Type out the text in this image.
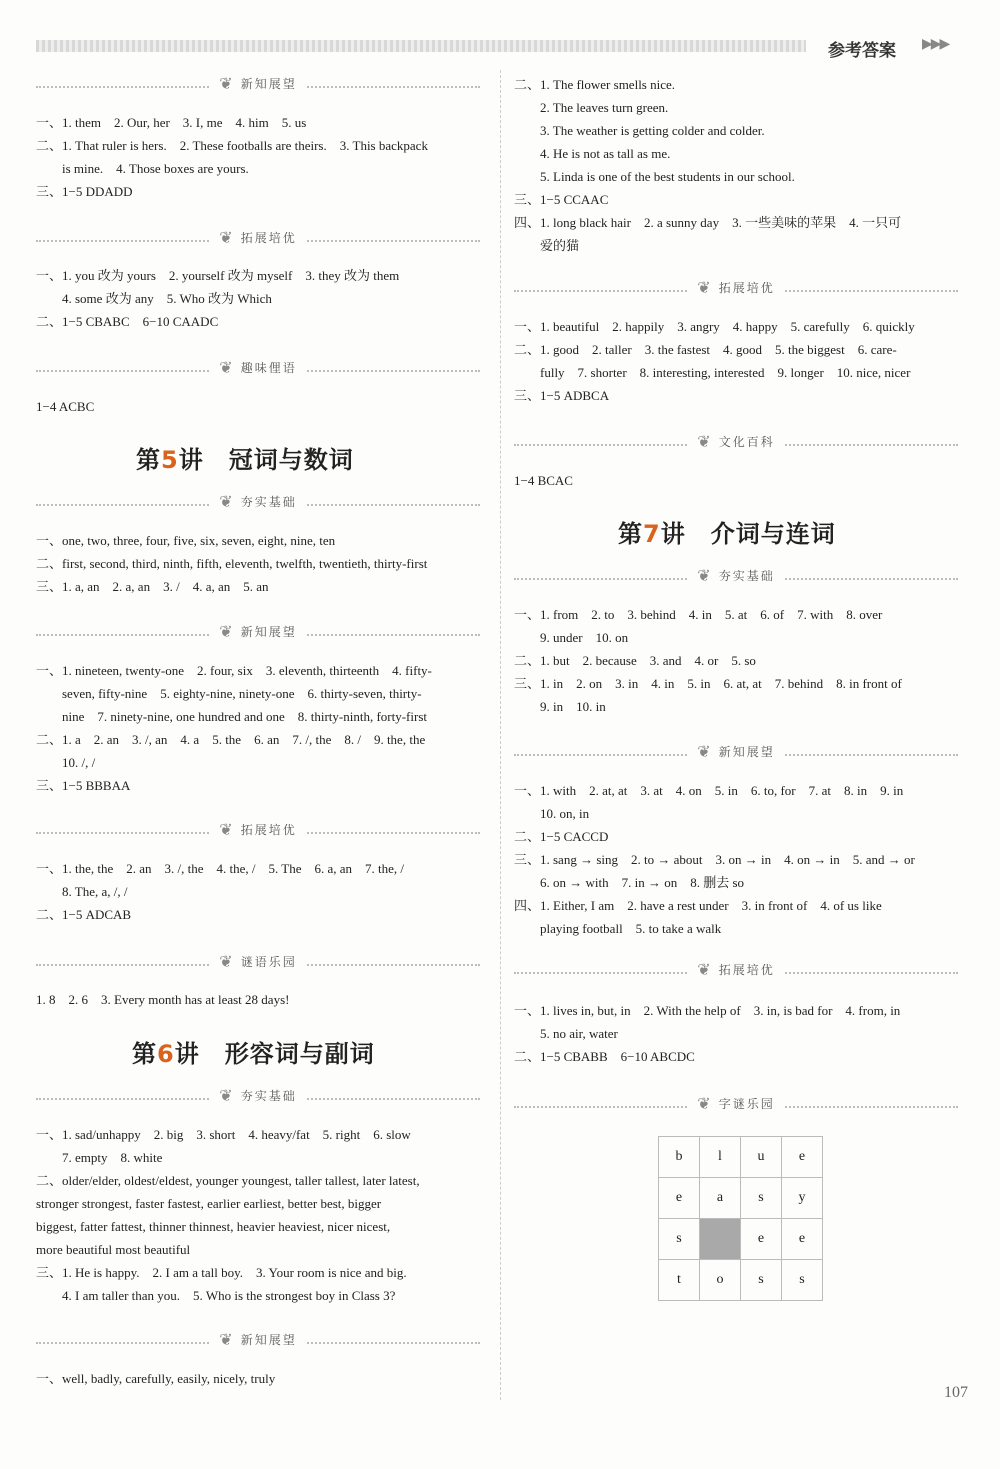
参考答案 ▶▶▶
❦ 新知展望
一、1. them　2. Our, her　3. I, me　4. him　5. us
二、1. That ruler is hers.　2. These footballs are theirs.　3. This backpack
is mine.　4. Those boxes are yours.
三、1−5 DDADD
❦ 拓展培优
一、1. you 改为 yours　2. yourself 改为 myself　3. they 改为 them
4. some 改为 any　5. Who 改为 Which
二、1−5 CBABC　6−10 CAADC
❦ 趣味俚语
1−4 ACBC
第5讲　冠词与数词
❦ 夯实基础
一、one, two, three, four, five, six, seven, eight, nine, ten
二、first, second, third, ninth, fifth, eleventh, twelfth, twentieth, thirty-first
三、1. a, an　2. a, an　3. /　4. a, an　5. an
❦ 新知展望
一、1. nineteen, twenty-one　2. four, six　3. eleventh, thirteenth　4. fifty-
seven, fifty-nine　5. eighty-nine, ninety-one　6. thirty-seven, thirty-
nine　7. ninety-nine, one hundred and one　8. thirty-ninth, forty-first
二、1. a　2. an　3. /, an　4. a　5. the　6. an　7. /, the　8. /　9. the, the
10. /, /
三、1−5 BBBAA
❦ 拓展培优
一、1. the, the　2. an　3. /, the　4. the, /　5. The　6. a, an　7. the, /
8. The, a, /, /
二、1−5 ADCAB
❦ 谜语乐园
1. 8　2. 6　3. Every month has at least 28 days!
第6讲　形容词与副词
❦ 夯实基础
一、1. sad/unhappy　2. big　3. short　4. heavy/fat　5. right　6. slow
7. empty　8. white
二、older/elder, oldest/eldest, younger youngest, taller tallest, later latest,
stronger strongest, faster fastest, earlier earliest, better best, bigger
biggest, fatter fattest, thinner thinnest, heavier heaviest, nicer nicest,
more beautiful most beautiful
三、1. He is happy.　2. I am a tall boy.　3. Your room is nice and big.
4. I am taller than you.　5. Who is the strongest boy in Class 3?
❦ 新知展望
一、well, badly, carefully, easily, nicely, truly
二、1. The flower smells nice.
2. The leaves turn green.
3. The weather is getting colder and colder.
4. He is not as tall as me.
5. Linda is one of the best students in our school.
三、1−5 CCAAC
四、1. long black hair　2. a sunny day　3. 一些美味的苹果　4. 一只可
爱的猫
❦ 拓展培优
一、1. beautiful　2. happily　3. angry　4. happy　5. carefully　6. quickly
二、1. good　2. taller　3. the fastest　4. good　5. the biggest　6. care-
fully　7. shorter　8. interesting, interested　9. longer　10. nice, nicer
三、1−5 ADBCA
❦ 文化百科
1−4 BCAC
第7讲　介词与连词
❦ 夯实基础
一、1. from　2. to　3. behind　4. in　5. at　6. of　7. with　8. over
9. under　10. on
二、1. but　2. because　3. and　4. or　5. so
三、1. in　2. on　3. in　4. in　5. in　6. at, at　7. behind　8. in front of
9. in　10. in
❦ 新知展望
一、1. with　2. at, at　3. at　4. on　5. in　6. to, for　7. at　8. in　9. in
10. on, in
二、1−5 CACCD
三、1. sang → sing　2. to → about　3. on → in　4. on → in　5. and → or
6. on → with　7. in → on　8. 删去 so
四、1. Either, I am　2. have a rest under　3. in front of　4. of us like
playing football　5. to take a walk
❦ 拓展培优
一、1. lives in, but, in　2. With the help of　3. in, is bad for　4. from, in
5. no air, water
二、1−5 CBABB　6−10 ABCDC
❦ 字谜乐园
b	l	u	e
e	a	s	y
s		e	e
t	o	s	s
107
